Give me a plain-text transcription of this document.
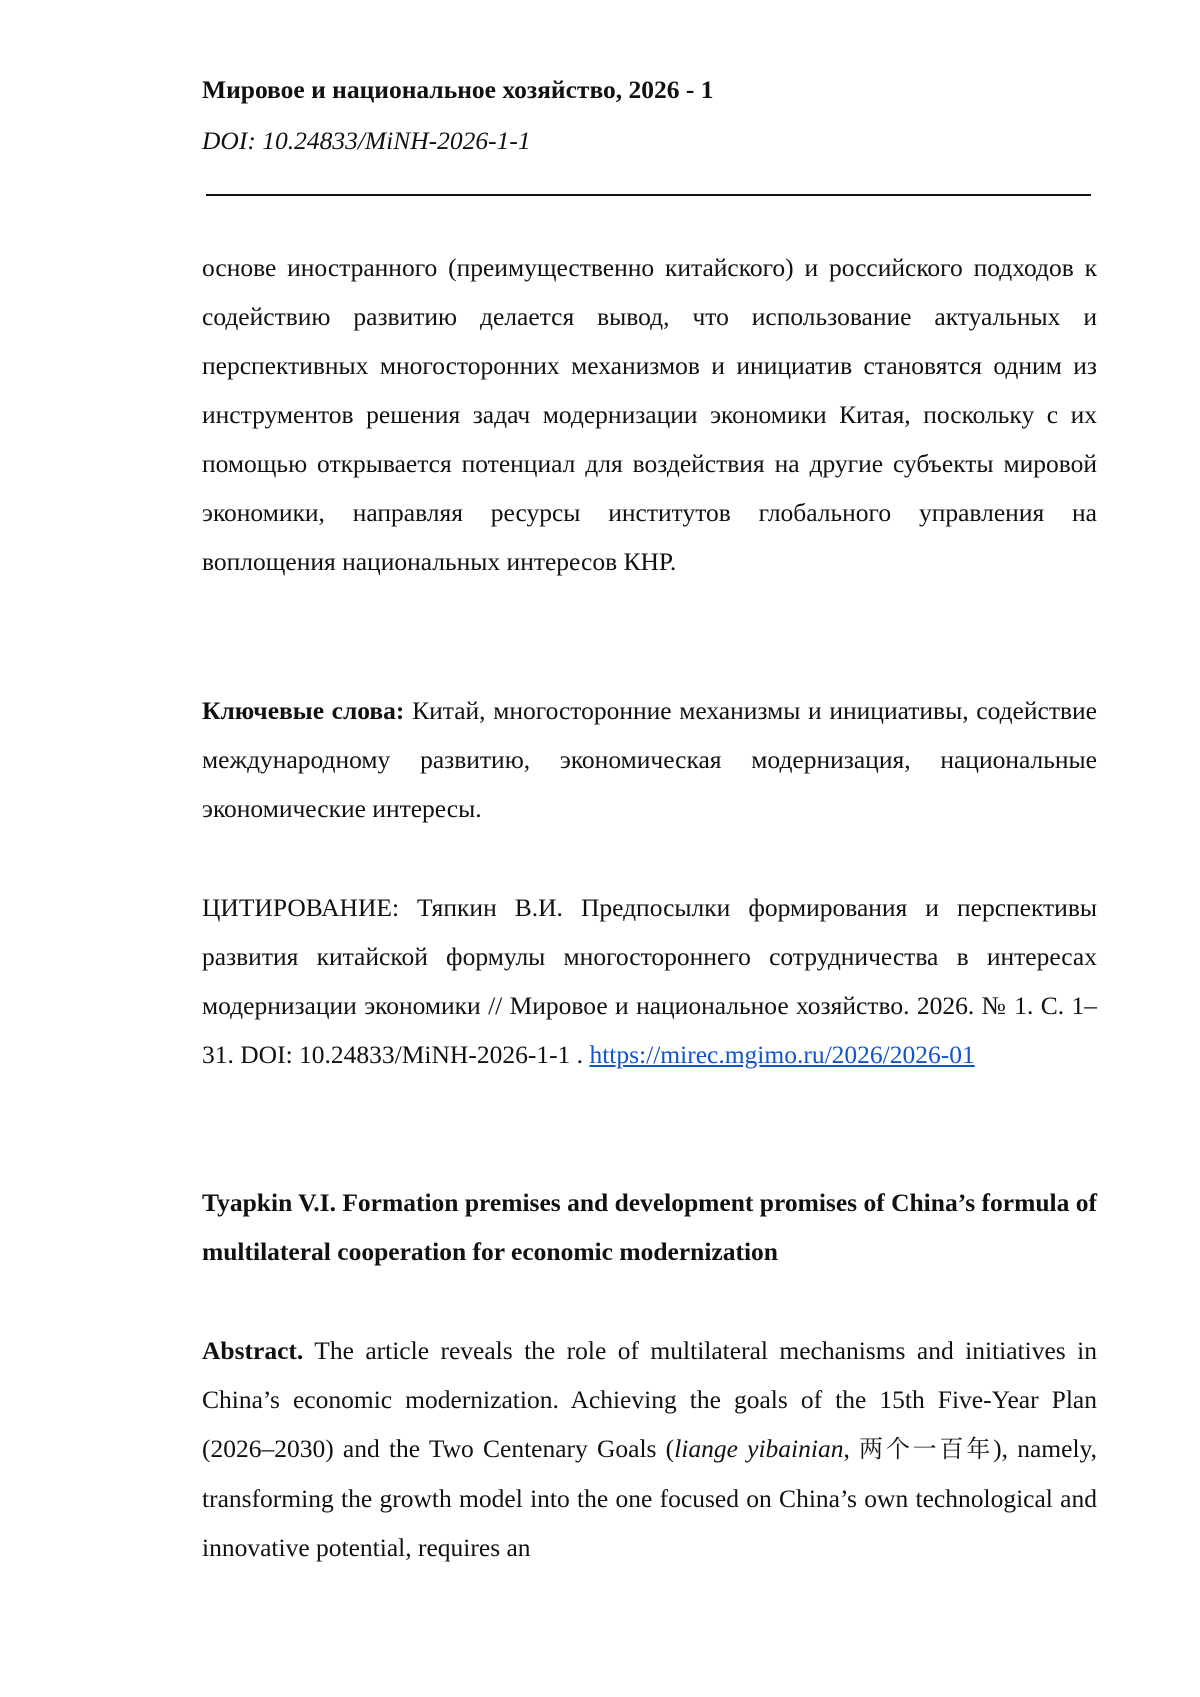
Мировое и национальное хозяйство, 2026 - 1
DOI: 10.24833/MiNH-2026-1-1

основе иностранного (преимущественно китайского) и российского подходов к содействию развитию делается вывод, что использование актуальных и перспективных многосторонних механизмов и инициатив становятся одним из инструментов решения задач модернизации экономики Китая, поскольку с их помощью открывается потенциал для воздействия на другие субъекты мировой экономики, направляя ресурсы институтов глобального управления на воплощения национальных интересов КНР.

Ключевые слова: Китай, многосторонние механизмы и инициативы, содействие международному развитию, экономическая модернизация, национальные экономические интересы.

ЦИТИРОВАНИЕ: Тяпкин В.И. Предпосылки формирования и перспективы развития китайской формулы многостороннего сотрудничества в интересах модернизации экономики // Мировое и национальное хозяйство. 2026. № 1. С. 1–31. DOI: 10.24833/MiNH-2026-1-1 . https://mirec.mgimo.ru/2026/2026-01

Tyapkin V.I. Formation premises and development promises of China’s formula of multilateral cooperation for economic modernization

Abstract. The article reveals the role of multilateral mechanisms and initiatives in China’s economic modernization. Achieving the goals of the 15th Five-Year Plan (2026–2030) and the Two Centenary Goals (liange yibainian, 两个一百年), namely, transforming the growth model into the one focused on China’s own technological and innovative potential, requires an
